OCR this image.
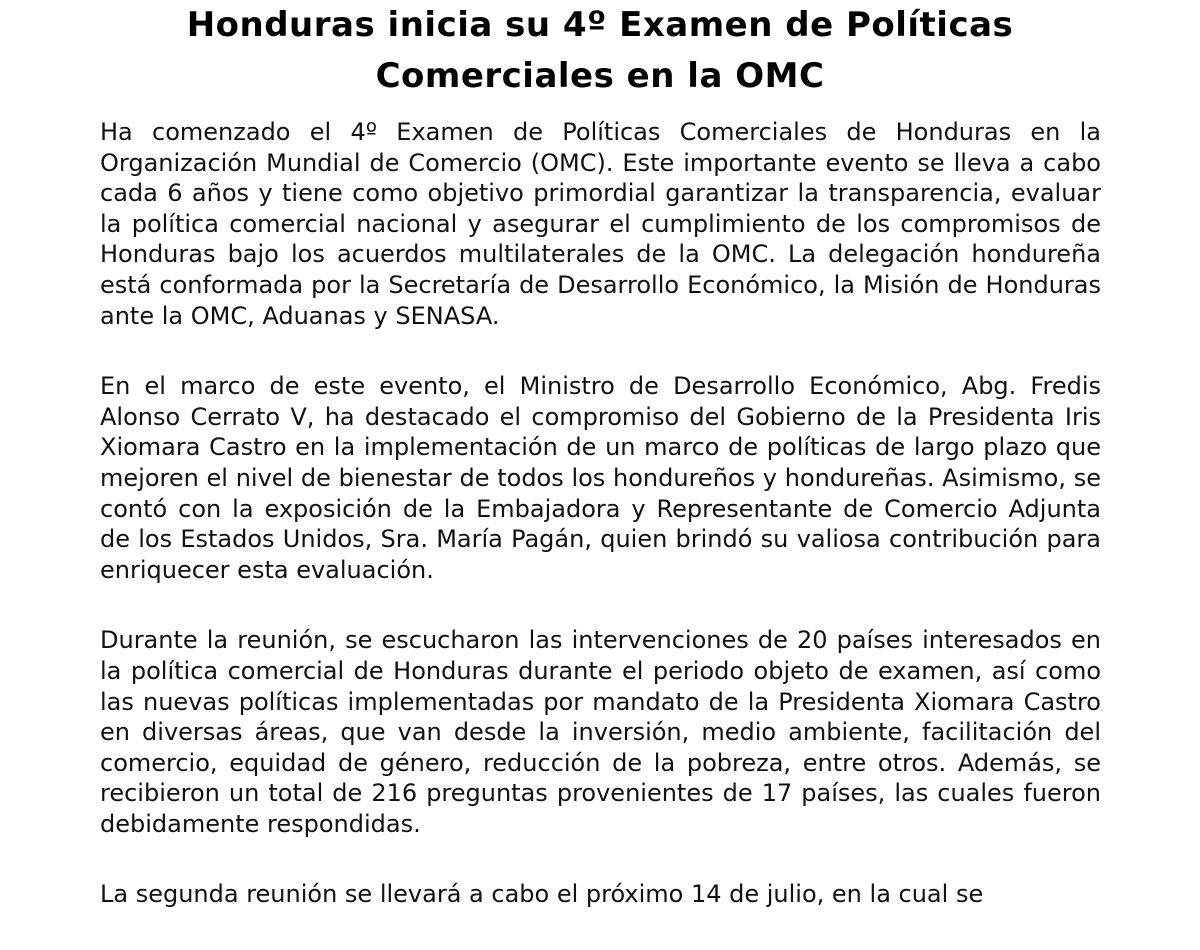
Honduras inicia su 4º Examen de Políticas
Comerciales en la OMC

Ha comenzado el 4º Examen de Políticas Comerciales de Honduras en la Organización Mundial de Comercio (OMC). Este importante evento se lleva a cabo cada 6 años y tiene como objetivo primordial garantizar la transparencia, evaluar la política comercial nacional y asegurar el cumplimiento de los compromisos de Honduras bajo los acuerdos multilaterales de la OMC. La delegación hondureña está conformada por la Secretaría de Desarrollo Económico, la Misión de Honduras ante la OMC, Aduanas y SENASA.

En el marco de este evento, el Ministro de Desarrollo Económico, Abg. Fredis Alonso Cerrato V, ha destacado el compromiso del Gobierno de la Presidenta Iris Xiomara Castro en la implementación de un marco de políticas de largo plazo que mejoren el nivel de bienestar de todos los hondureños y hondureñas. Asimismo, se contó con la exposición de la Embajadora y Representante de Comercio Adjunta de los Estados Unidos, Sra. María Pagán, quien brindó su valiosa contribución para enriquecer esta evaluación.

Durante la reunión, se escucharon las intervenciones de 20 países interesados en la política comercial de Honduras durante el periodo objeto de examen, así como las nuevas políticas implementadas por mandato de la Presidenta Xiomara Castro en diversas áreas, que van desde la inversión, medio ambiente, facilitación del comercio, equidad de género, reducción de la pobreza, entre otros. Además, se recibieron un total de 216 preguntas provenientes de 17 países, las cuales fueron debidamente respondidas.

La segunda reunión se llevará a cabo el próximo 14 de julio, en la cual se
